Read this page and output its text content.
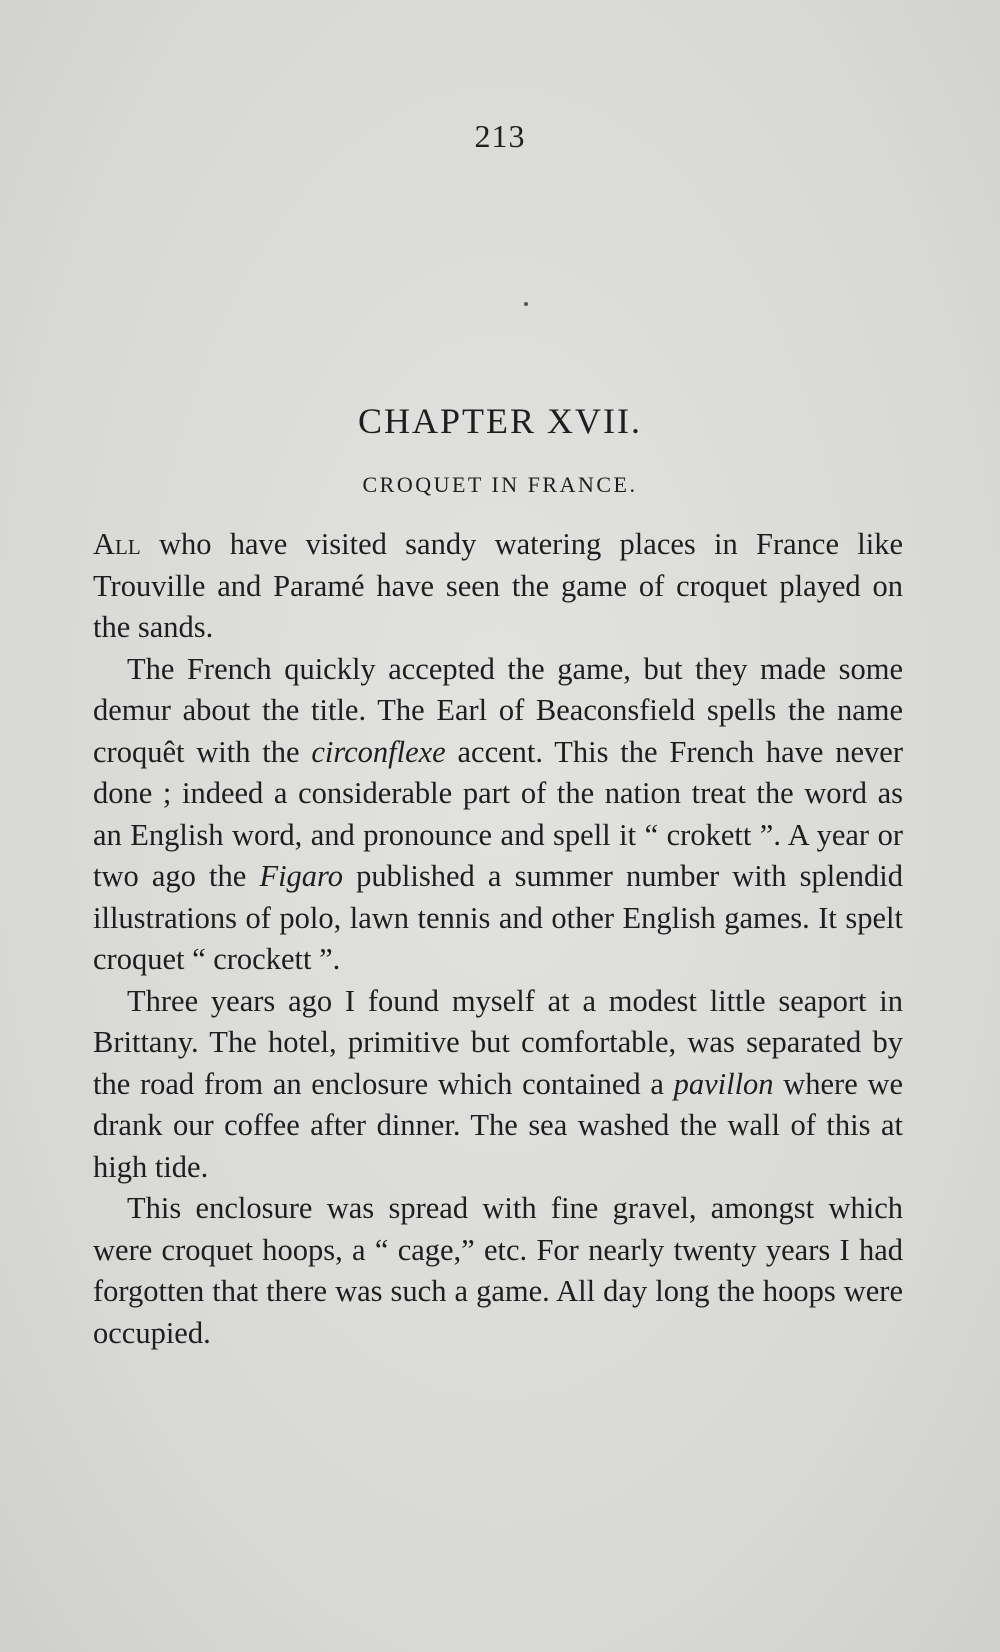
213
CHAPTER XVII.
CROQUET IN FRANCE.

All who have visited sandy watering places in France like Trouville and Paramé have seen the game of croquet played on the sands.

The French quickly accepted the game, but they made some demur about the title. The Earl of Beaconsfield spells the name croquêt with the circonflexe accent. This the French have never done ; indeed a considerable part of the nation treat the word as an English word, and pronounce and spell it “ crokett ”. A year or two ago the Figaro published a summer number with splendid illustrations of polo, lawn tennis and other English games. It spelt croquet “ crockett ”.

Three years ago I found myself at a modest little seaport in Brittany. The hotel, primitive but comfortable, was separated by the road from an enclosure which contained a pavillon where we drank our coffee after dinner. The sea washed the wall of this at high tide.

This enclosure was spread with fine gravel, amongst which were croquet hoops, a “ cage,” etc. For nearly twenty years I had forgotten that there was such a game. All day long the hoops were occupied.
